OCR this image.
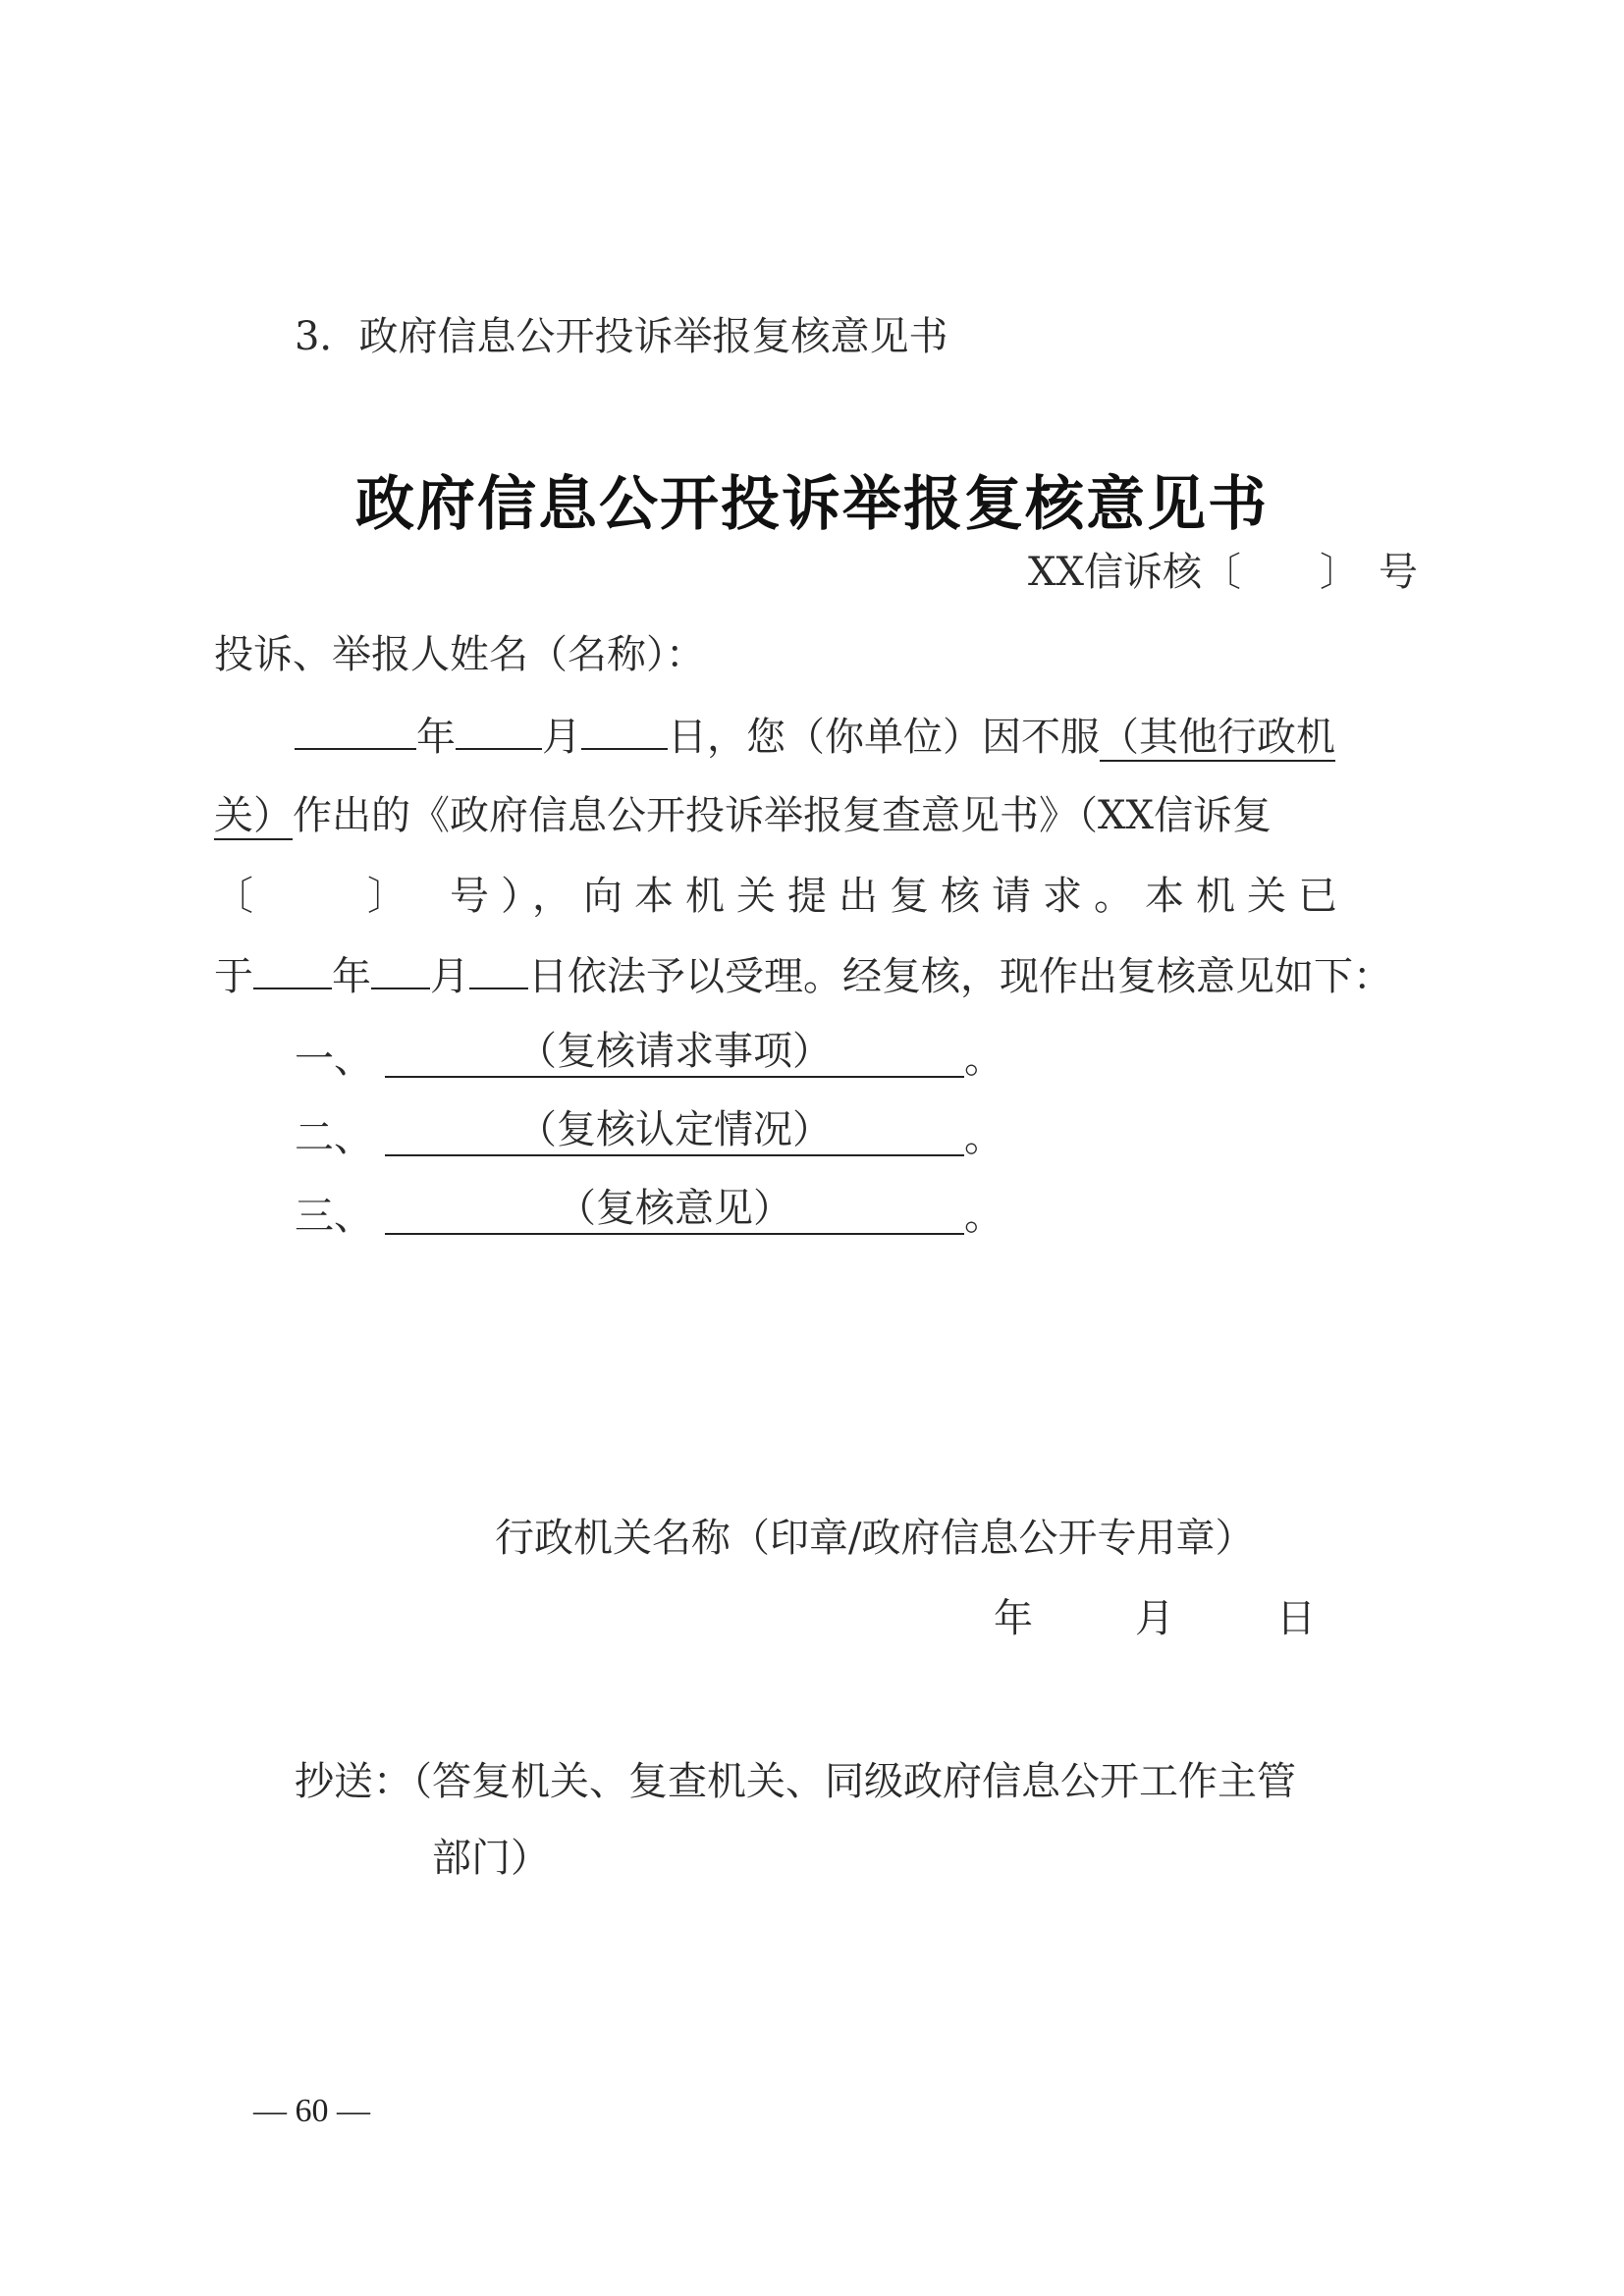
3．政府信息公开投诉举报复核意见书
政府信息公开投诉举报复核意见书
XX信诉核〔　　〕　号
投诉、举报人姓名（名称）：
年 月 日，您（你单位）因不服（其他行政机
关）作出的《政府信息公开投诉举报复查意见书》（XX信诉复
〔　　〕　号），向本机关提出复核请求。本机关已
于 年 月 日依法予以受理。经复核，现作出复核意见如下：
一、	（复核请求事项）	。
二、	（复核认定情况）	。
三、	（复核意见）	。
行政机关名称（印章/政府信息公开专用章）
年　　月　　日
抄送：（答复机关、复查机关、同级政府信息公开工作主管
部门）
— 60 —
